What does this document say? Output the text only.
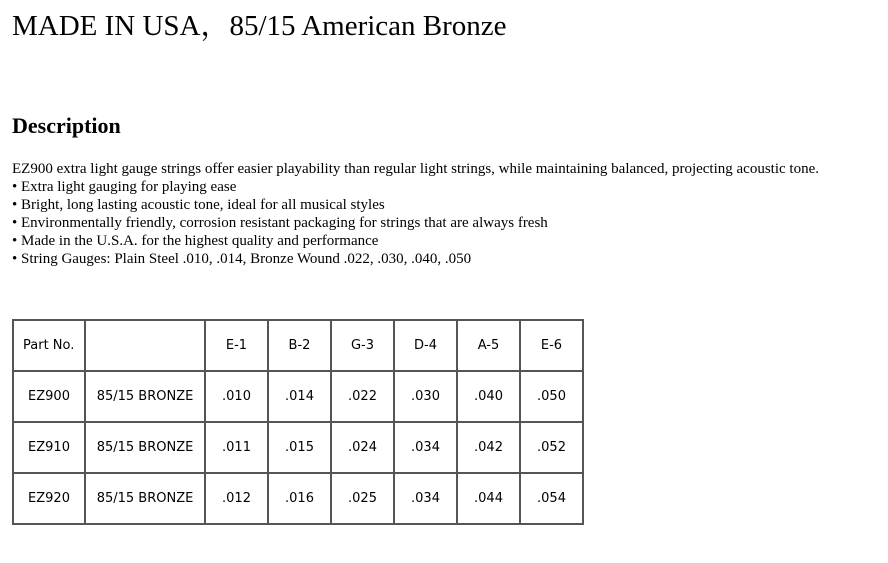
MADE IN USA，85/15 American Bronze
Description

EZ900 extra light gauge strings offer easier playability than regular light strings, while maintaining balanced, projecting acoustic tone.

• Extra light gauging for playing ease
• Bright, long lasting acoustic tone, ideal for all musical styles
• Environmentally friendly, corrosion resistant packaging for strings that are always fresh
• Made in the U.S.A. for the highest quality and performance
• String Gauges: Plain Steel .010, .014, Bronze Wound .022, .030, .040, .050
Part No.		E-1	B-2	G-3	D-4	A-5	E-6
EZ900	85/15 BRONZE	.010	.014	.022	.030	.040	.050
EZ910	85/15 BRONZE	.011	.015	.024	.034	.042	.052
EZ920	85/15 BRONZE	.012	.016	.025	.034	.044	.054
